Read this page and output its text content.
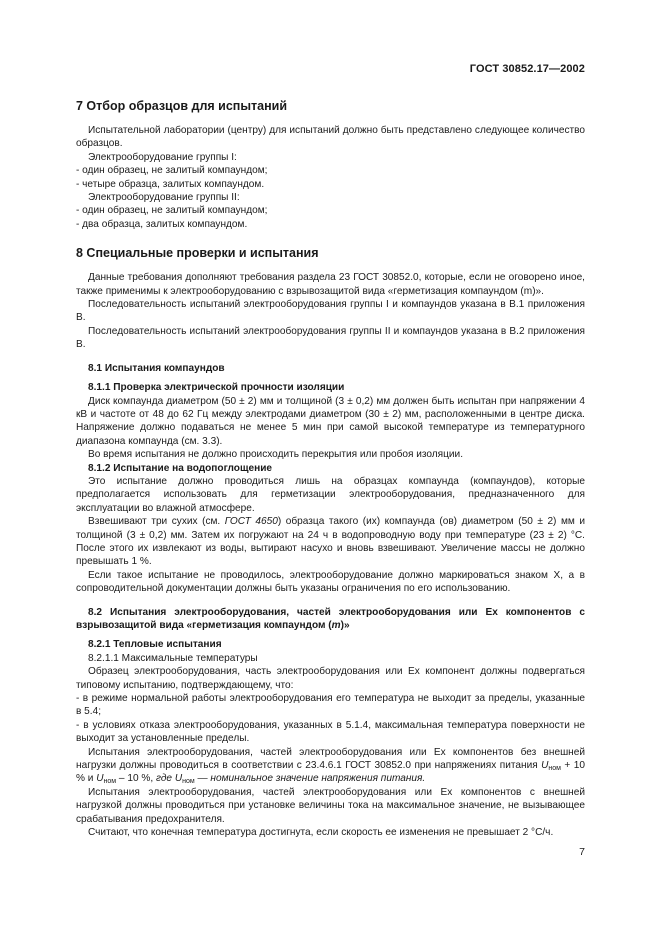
ГОСТ 30852.17—2002

7 Отбор образцов для испытаний

Испытательной лаборатории (центру) для испытаний должно быть представлено следующее количество образцов.

Электрооборудование группы I:

- один образец, не залитый компаундом;

- четыре образца, залитых компаундом.

Электрооборудование группы II:

- один образец, не залитый компаундом;

- два образца, залитых компаундом.

8 Специальные проверки и испытания

Данные требования дополняют требования раздела 23 ГОСТ 30852.0, которые, если не оговорено иное, также применимы к электрооборудованию с взрывозащитой вида «герметизация компаундом (m)».

Последовательность испытаний электрооборудования группы I и компаундов указана в В.1 приложения В.

Последовательность испытаний электрооборудования группы II и компаундов указана в В.2 приложения В.

8.1 Испытания компаундов

8.1.1 Проверка электрической прочности изоляции

Диск компаунда диаметром (50 ± 2) мм и толщиной (3 ± 0,2) мм должен быть испытан при напряжении 4 кВ и частоте от 48 до 62 Гц между электродами диаметром (30 ± 2) мм, расположенными в центре диска. Напряжение должно подаваться не менее 5 мин при самой высокой температуре из температурного диапазона компаунда (см. 3.3).

Во время испытания не должно происходить перекрытия или пробоя изоляции.

8.1.2 Испытание на водопоглощение

Это испытание должно проводиться лишь на образцах компаунда (компаундов), которые предполагается использовать для герметизации электрооборудования, предназначенного для эксплуатации во влажной атмосфере.

Взвешивают три сухих (см. ГОСТ 4650) образца такого (их) компаунда (ов) диаметром (50 ± 2) мм и толщиной (3 ± 0,2) мм. Затем их погружают на 24 ч в водопроводную воду при температуре (23 ± 2) °С. После этого их извлекают из воды, вытирают насухо и вновь взвешивают. Увеличение массы не должно превышать 1 %.

Если такое испытание не проводилось, электрооборудование должно маркироваться знаком X, а в сопроводительной документации должны быть указаны ограничения по его использованию.

8.2 Испытания электрооборудования, частей электрооборудования или Ex компонентов с взрывозащитой вида «герметизация компаундом (m)»

8.2.1 Тепловые испытания

8.2.1.1 Максимальные температуры

Образец электрооборудования, часть электрооборудования или Ex компонент должны подвергаться типовому испытанию, подтверждающему, что:

- в режиме нормальной работы электрооборудования его температура не выходит за пределы, указанные в 5.4;

- в условиях отказа электрооборудования, указанных в 5.1.4, максимальная температура поверхности не выходит за установленные пределы.

Испытания электрооборудования, частей электрооборудования или Ex компонентов без внешней нагрузки должны проводиться в соответствии с 23.4.6.1 ГОСТ 30852.0 при напряжениях питания $U_{ном} + 10$ % и $U_{ном} - 10$ %, где $U_{ном}$ — номинальное значение напряжения питания.

Испытания электрооборудования, частей электрооборудования или Ex компонентов с внешней нагрузкой должны проводиться при установке величины тока на максимальное значение, не вызывающее срабатывания предохранителя.

Считают, что конечная температура достигнута, если скорость ее изменения не превышает 2 °С/ч.

7
